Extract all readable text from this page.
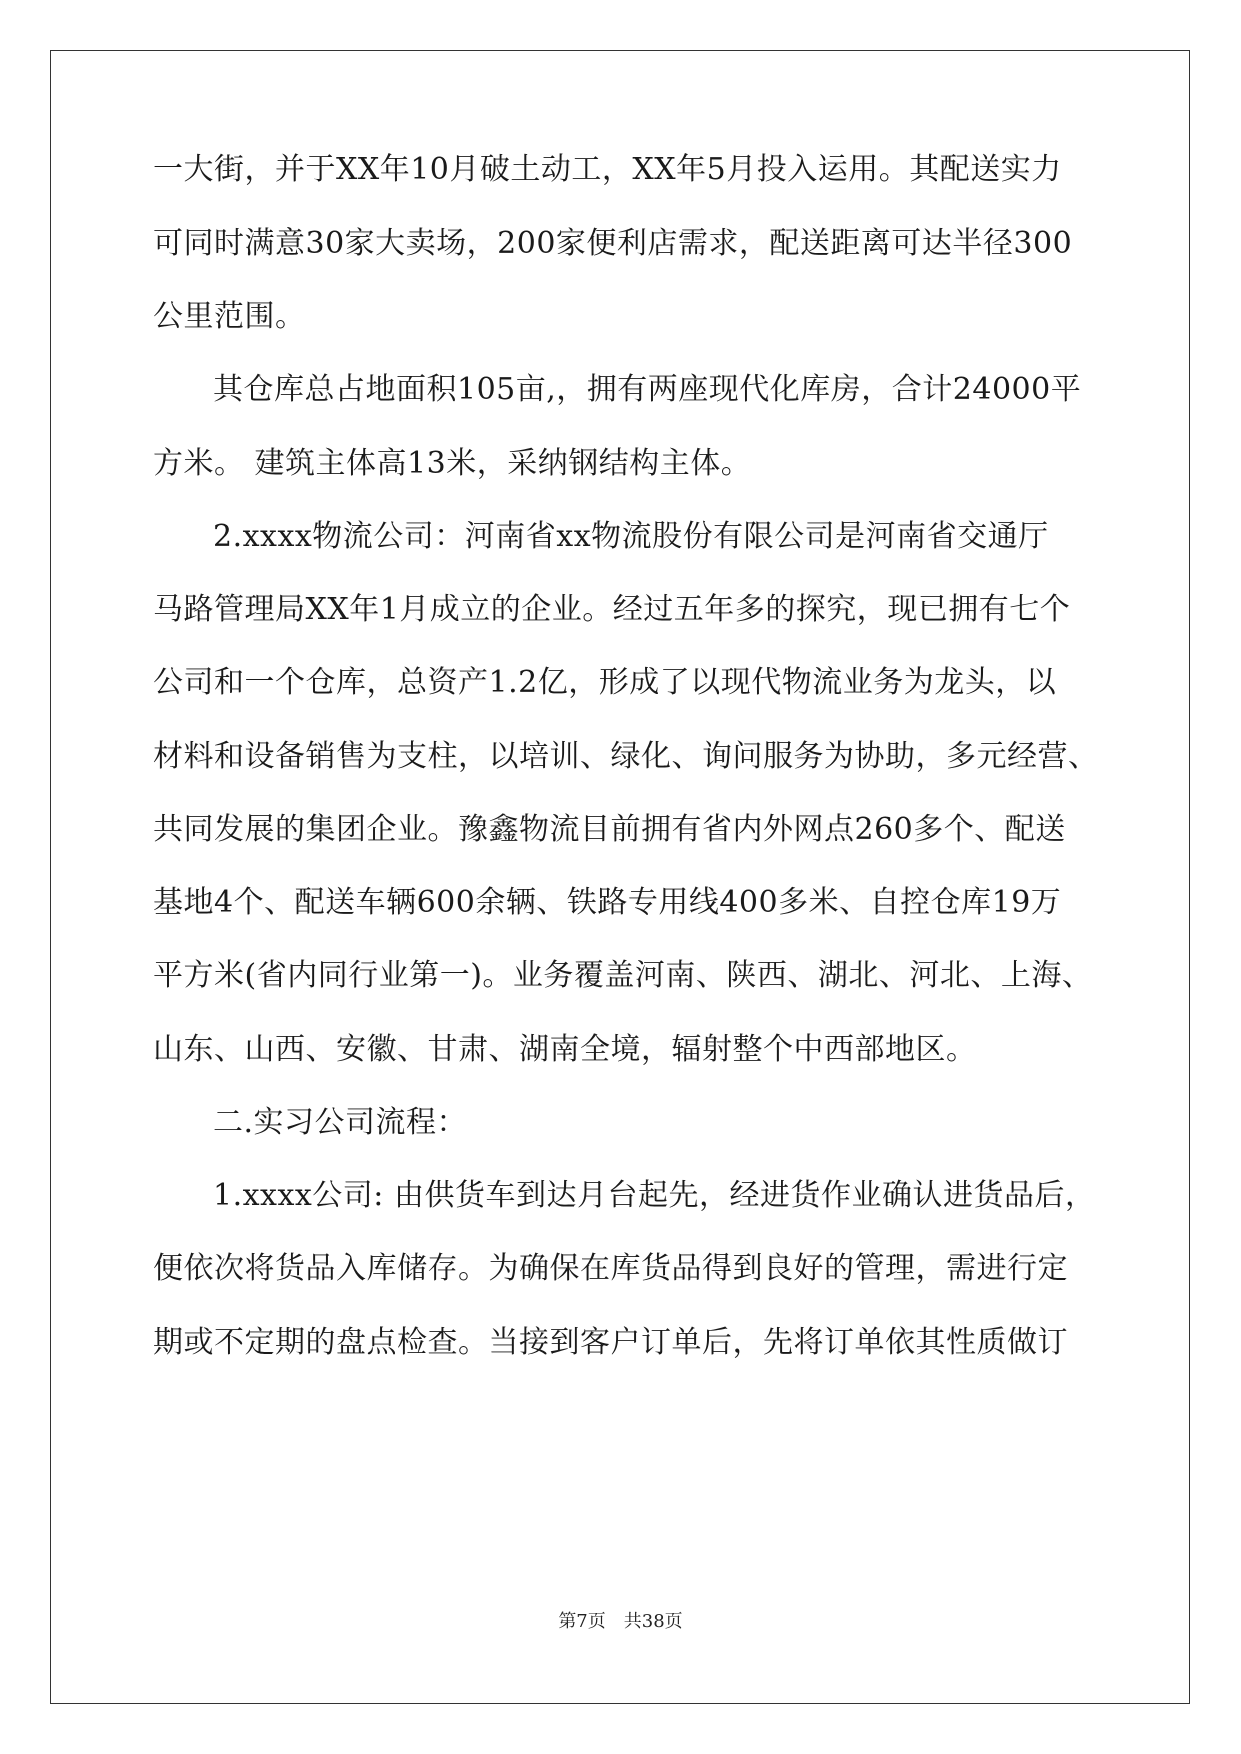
一大街，并于XX年10月破土动工，XX年5月投入运用。其配送实力
可同时满意30家大卖场，200家便利店需求，配送距离可达半径300
公里范围。
其仓库总占地面积105亩,，拥有两座现代化库房，合计24000平
方米。 建筑主体高13米，采纳钢结构主体。
2.xxxx物流公司：河南省xx物流股份有限公司是河南省交通厅
马路管理局XX年1月成立的企业。经过五年多的探究，现已拥有七个
公司和一个仓库，总资产1.2亿，形成了以现代物流业务为龙头，以
材料和设备销售为支柱，以培训、绿化、询问服务为协助，多元经营、
共同发展的集团企业。豫鑫物流目前拥有省内外网点260多个、配送
基地4个、配送车辆600余辆、铁路专用线400多米、自控仓库19万
平方米(省内同行业第一)。业务覆盖河南、陕西、湖北、河北、上海、
山东、山西、安徽、甘肃、湖南全境，辐射整个中西部地区。
二.实习公司流程：
1.xxxx公司: 由供货车到达月台起先，经进货作业确认进货品后，
便依次将货品入库储存。为确保在库货品得到良好的管理，需进行定
期或不定期的盘点检查。当接到客户订单后，先将订单依其性质做订
第7页 共38页
